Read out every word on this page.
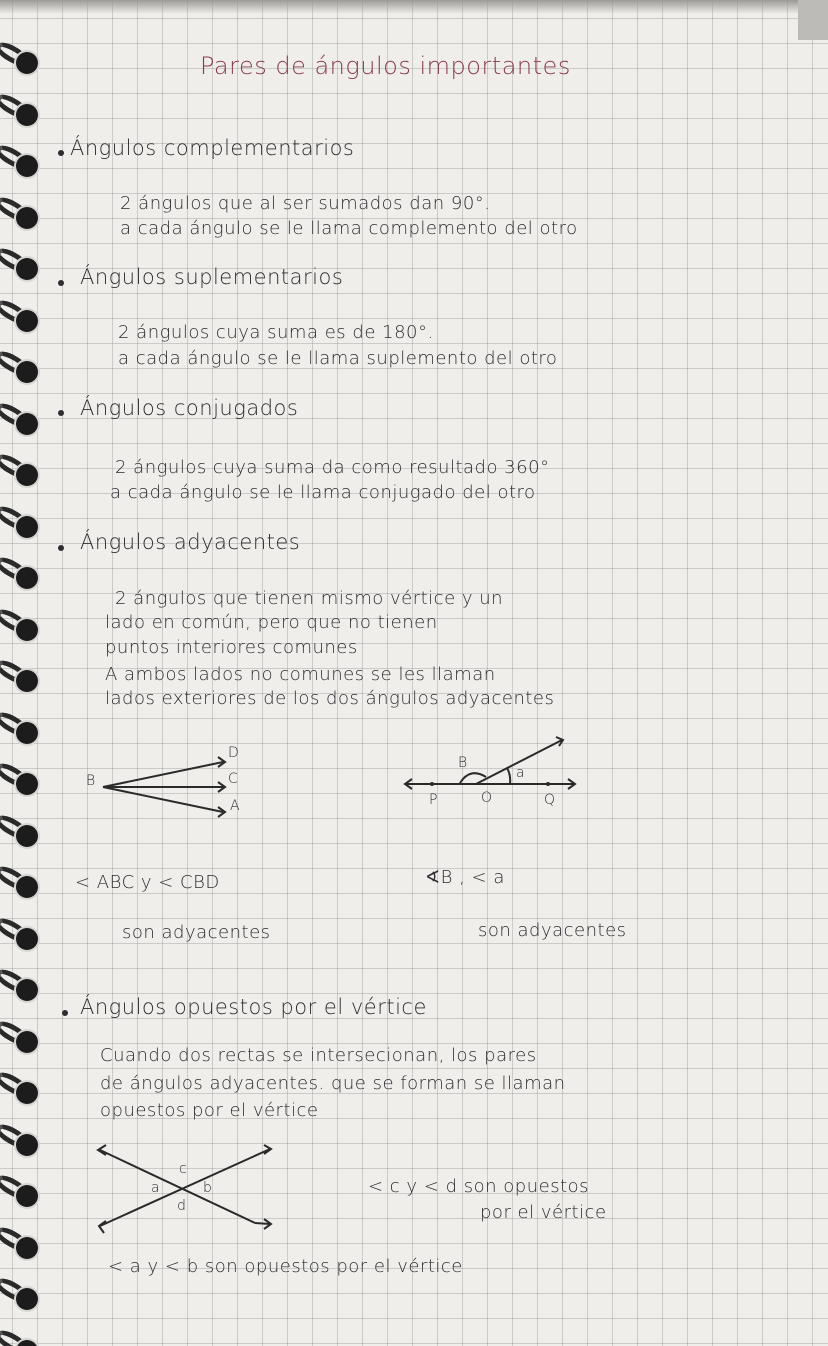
Pares de ángulos importantes
Ángulos complementarios
2 ángulos que al ser sumados dan 90°.
a cada ángulo se le llama complemento del otro
Ángulos suplementarios
2 ángulos cuya suma es de 180°.
a cada ángulo se le llama suplemento del otro
Ángulos conjugados
2 ángulos cuya suma da como resultado 360°
a cada ángulo se le llama conjugado del otro
Ángulos adyacentes
2 ángulos que tienen mismo vértice y un
lado en común, pero que no tienen
puntos interiores comunes
A ambos lados no comunes se les llaman
lados exteriores de los dos ángulos adyacentes
B
D
C
A
B
a
P	O	Q
< ABC y < CBD
son adyacentes
∢B , < a
son adyacentes
Ángulos opuestos por el vértice
Cuando dos rectas se intersecionan, los pares
de ángulos adyacentes. que se forman se llaman
opuestos por el vértice
c
a	b
d
< c y < d son opuestos
por el vértice
< a y < b son opuestos por el vértice
